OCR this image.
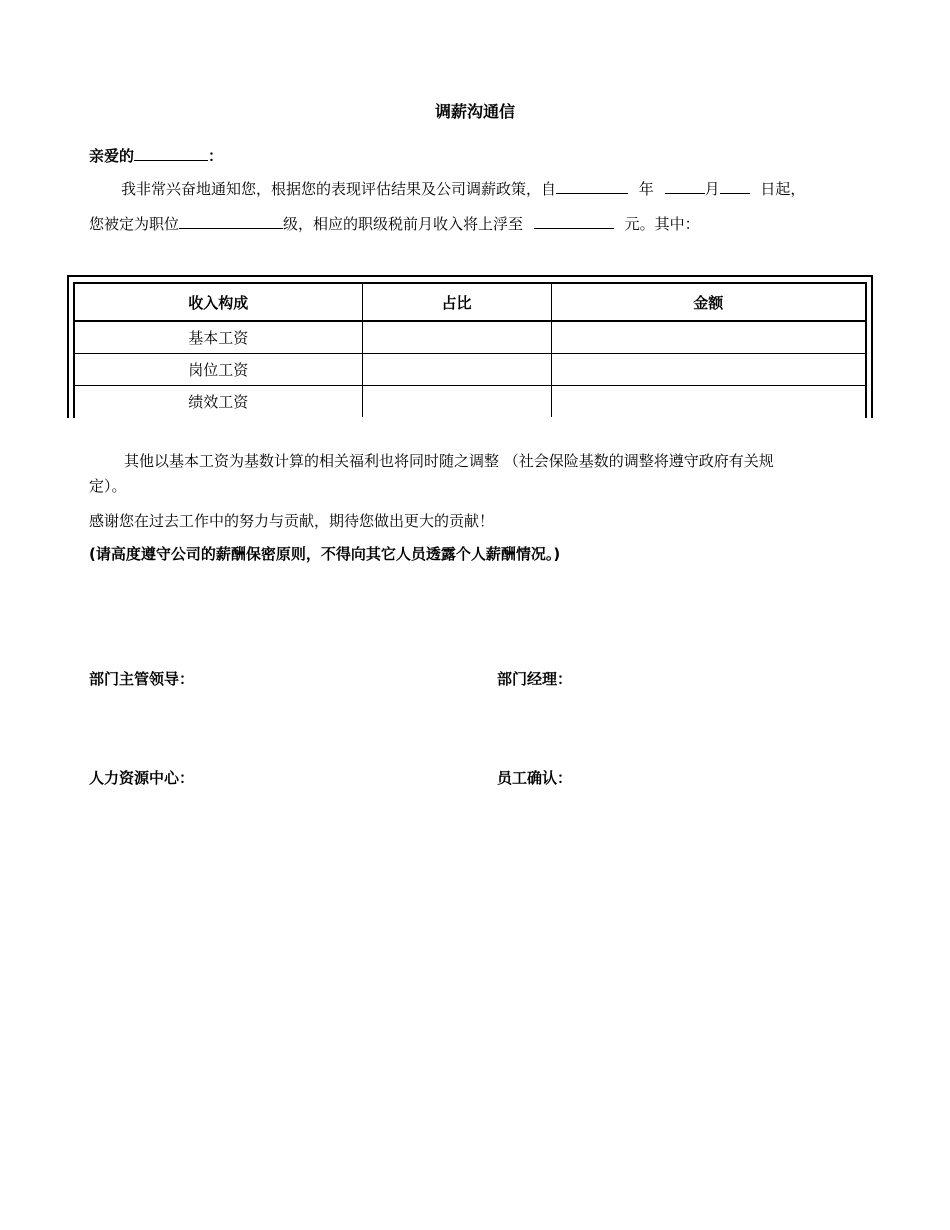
调薪沟通信
亲爱的	：
我非常兴奋地通知您，根据您的表现评估结果及公司调薪政策，自	年	月	日起，
您被定为职位	级，相应的职级税前月收入将上浮至	元。其中：
收入构成	占比	金额
基本工资		
岗位工资		
绩效工资		
其他以基本工资为基数计算的相关福利也将同时随之调整 （社会保险基数的调整将遵守政府有关规
定）。
感谢您在过去工作中的努力与贡献，期待您做出更大的贡献！
(请高度遵守公司的薪酬保密原则，不得向其它人员透露个人薪酬情况。)
部门主管领导：	部门经理：
人力资源中心：	员工确认：
